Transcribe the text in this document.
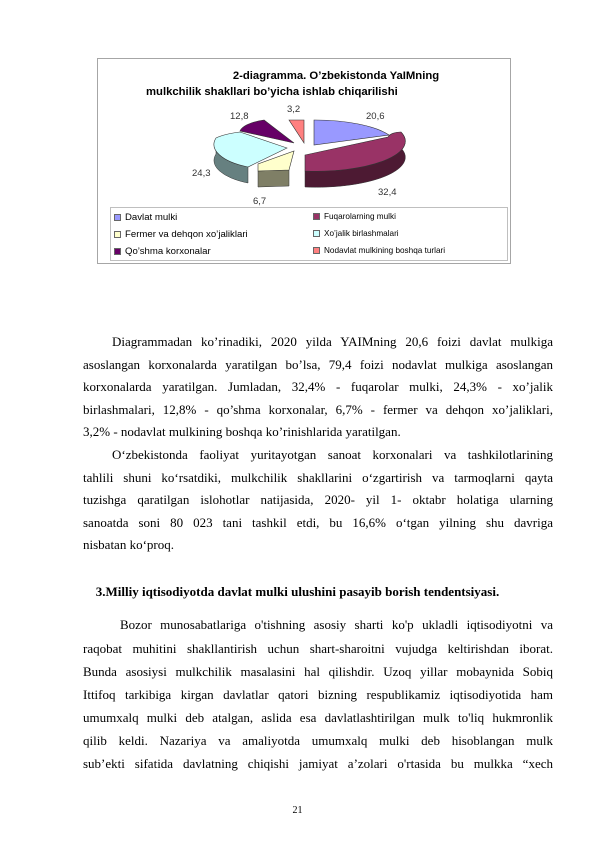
2-diagramma. O’zbekistonda YaIMning
mulkchilik shakllari bo’yicha ishlab chiqarilishi
20,6
32,4
6,7
24,3
12,8
3,2
Davlat mulki	Fuqarolarning mulki
Fermer va dehqon xo’jaliklari	Xo’jalik birlashmalari
Qo’shma korxonalar	Nodavlat mulkining boshqa turlari
Diagrammadan ko’rinadiki, 2020 yilda YAIMning 20,6 foizi davlat mulkiga
asoslangan korxonalarda yaratilgan bo’lsa, 79,4 foizi nodavlat mulkiga asoslangan
korxonalarda yaratilgan. Jumladan, 32,4% - fuqarolar mulki, 24,3% - xo’jalik
birlashmalari, 12,8% - qo’shma korxonalar, 6,7% - fermer va dehqon xo’jaliklari,
3,2% - nodavlat mulkining boshqa ko’rinishlarida yaratilgan.
O‘zbekistonda faoliyat yuritayotgan sanoat korxonalari va tashkilotlarining
tahlili shuni ko‘rsatdiki, mulkchilik shakllarini o‘zgartirish va tarmoqlarni qayta
tuzishga qaratilgan islohotlar natijasida, 2020- yil 1- oktabr holatiga ularning
sanoatda soni 80 023 tani tashkil etdi, bu 16,6% o‘tgan yilning shu davriga
nisbatan ko‘proq.
3.Milliy iqtisodiyotda davlat mulki ulushini pasayib borish tendentsiyasi.
Bozor munosabatlariga o'tishning asosiy sharti ko'p ukladli iqtisodiyotni va
raqobat muhitini shakllantirish uchun shart-sharoitni vujudga keltirishdan iborat.
Bunda asosiysi mulkchilik masalasini hal qilishdir. Uzoq yillar mobaynida Sobiq
Ittifoq tarkibiga kirgan davlatlar qatori bizning respublikamiz iqtisodiyotida ham
umumxalq mulki deb atalgan, aslida esa davlatlashtirilgan mulk to'liq hukmronlik
qilib keldi. Nazariya va amaliyotda umumxalq mulki deb hisoblangan mulk
sub’ekti sifatida davlatning chiqishi jamiyat a’zolari o'rtasida bu mulkka “xech
21
